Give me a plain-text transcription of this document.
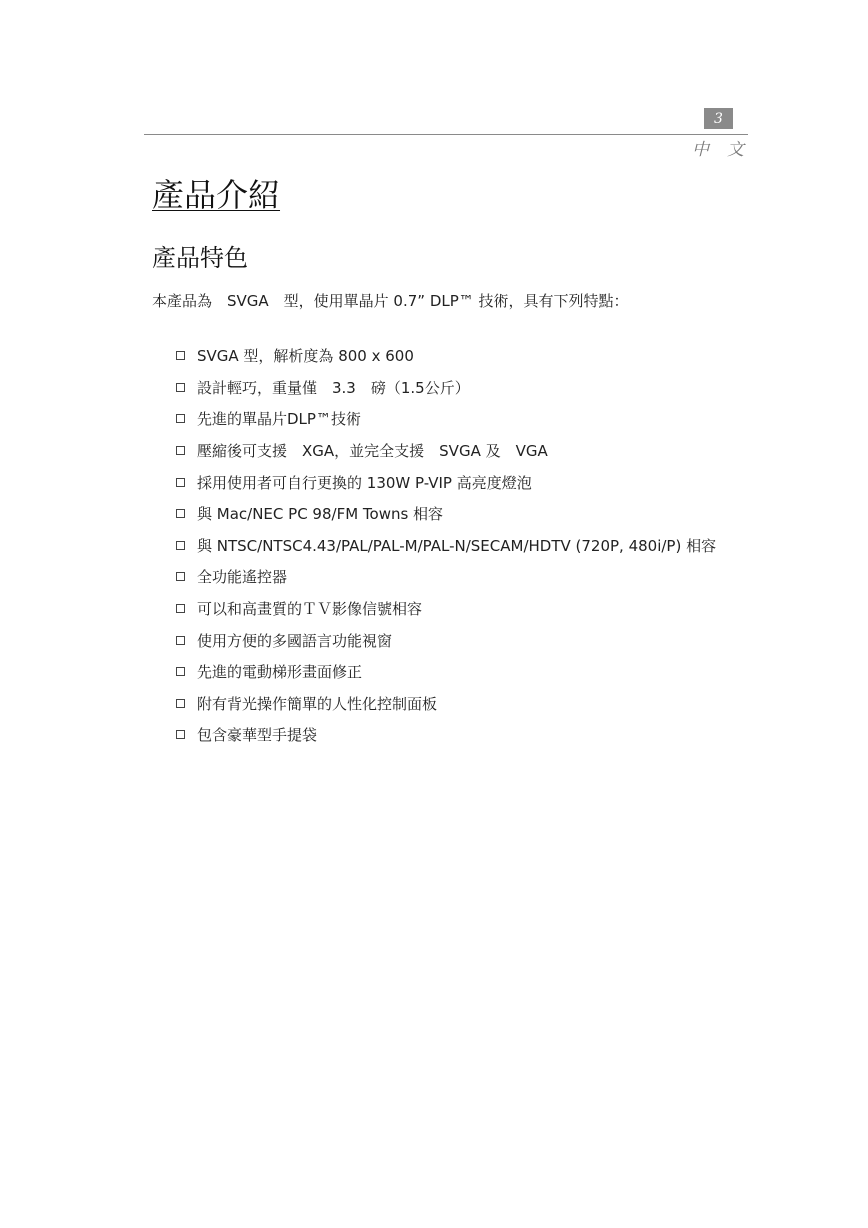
3
中文
產品介紹
產品特色

本產品為　SVGA　型，使用單晶片 0.7” DLP™ 技術，具有下列特點：

SVGA 型，解析度為 800 x 600
設計輕巧，重量僅　3.3　磅（1.5公斤）
先進的單晶片DLP™技術
壓縮後可支援　XGA，並完全支援　SVGA 及　VGA
採用使用者可自行更換的 130W P-VIP 高亮度燈泡
與 Mac/NEC PC 98/FM Towns 相容
與 NTSC/NTSC4.43/PAL/PAL-M/PAL-N/SECAM/HDTV (720P, 480i/P) 相容
全功能遙控器
可以和高畫質的ＴＶ影像信號相容
使用方便的多國語言功能視窗
先進的電動梯形畫面修正
附有背光操作簡單的人性化控制面板
包含豪華型手提袋
